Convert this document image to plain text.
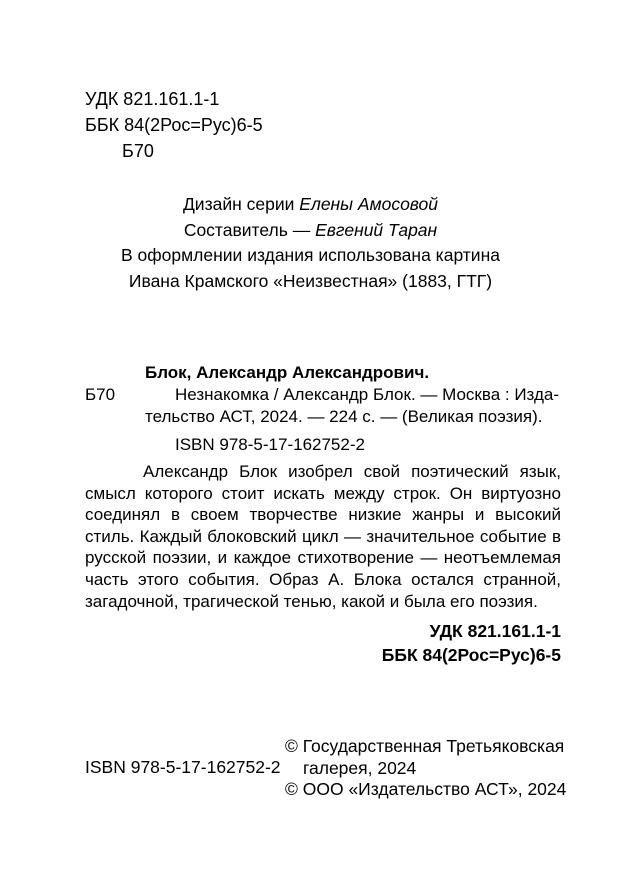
УДК 821.161.1-1
ББК 84(2Рос=Рус)6-5
Б70
Дизайн серии Елены Амосовой
Составитель — Евгений Таран
В оформлении издания использована картина
Ивана Крамского «Неизвестная» (1883, ГТГ)
Блок, Александр Александрович.
Б70	Незнакомка / Александр Блок. — Москва : Изда-
тельство АСТ, 2024. — 224 с. — (Великая поэзия).
ISBN 978-5-17-162752-2
Александр Блок изобрел свой поэтический язык, смысл которого стоит искать между строк. Он виртуозно соединял в своем творчестве низкие жанры и высокий стиль. Каждый блоковский цикл — значительное событие в русской поэзии, и каждое стихотворение — неотъемлемая часть этого события. Образ А. Блока остался странной, загадочной, трагической тенью, какой и была его поэзия.
УДК 821.161.1-1
ББК 84(2Рос=Рус)6-5
ISBN 978-5-17-162752-2
© Государственная Третьяковская
галерея, 2024
© ООО «Издательство АСТ», 2024
